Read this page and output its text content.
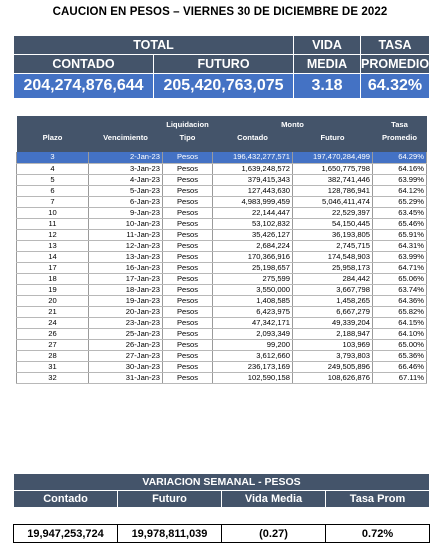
CAUCION EN PESOS – VIERNES 30 DE DICIEMBRE DE 2022
TOTAL		VIDA	TASA
CONTADO	FUTURO	MEDIA	PROMEDIO
204,274,876,644	205,420,763,075	3.18	64.32%
		Liquidacion	Monto		Tasa
Plazo	Vencimiento	Tipo	Contado	Futuro	Promedio

3	2-Jan-23	Pesos	196,432,277,571	197,470,284,499	64.29%
4	3-Jan-23	Pesos	1,639,248,572	1,650,775,798	64.16%
5	4-Jan-23	Pesos	379,415,343	382,741,446	63.99%
6	5-Jan-23	Pesos	127,443,630	128,786,941	64.12%
7	6-Jan-23	Pesos	4,983,999,459	5,046,411,474	65.29%
10	9-Jan-23	Pesos	22,144,447	22,529,397	63.45%
11	10-Jan-23	Pesos	53,102,832	54,150,445	65.46%
12	11-Jan-23	Pesos	35,426,127	36,193,805	65.91%
13	12-Jan-23	Pesos	2,684,224	2,745,715	64.31%
14	13-Jan-23	Pesos	170,366,916	174,548,903	63.99%
17	16-Jan-23	Pesos	25,198,657	25,958,173	64.71%
18	17-Jan-23	Pesos	275,599	284,442	65.06%
19	18-Jan-23	Pesos	3,550,000	3,667,798	63.74%
20	19-Jan-23	Pesos	1,408,585	1,458,265	64.36%
21	20-Jan-23	Pesos	6,423,975	6,667,279	65.82%
24	23-Jan-23	Pesos	47,342,171	49,339,204	64.15%
26	25-Jan-23	Pesos	2,093,349	2,188,947	64.10%
27	26-Jan-23	Pesos	99,200	103,969	65.00%
28	27-Jan-23	Pesos	3,612,660	3,793,803	65.36%
31	30-Jan-23	Pesos	236,173,169	249,505,896	66.46%
32	31-Jan-23	Pesos	102,590,158	108,626,876	67.11%
VARIACION SEMANAL - PESOS			
Contado	Futuro	Vida Media	Tasa Prom

19,947,253,724	19,978,811,039	(0.27)	0.72%
